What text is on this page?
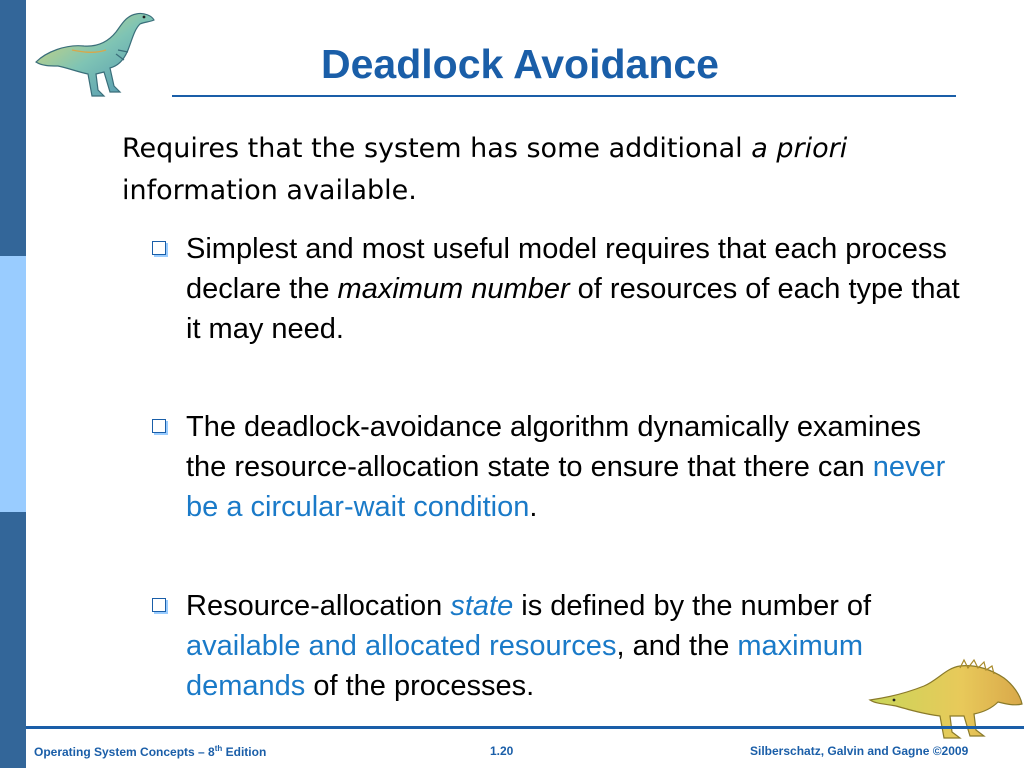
Deadlock Avoidance
Requires that the system has some additional a priori information available.
Simplest and most useful model requires that each process declare the maximum number of resources of each type that it may need.
The deadlock-avoidance algorithm dynamically examines the resource-allocation state to ensure that there can never be a circular-wait condition.
Resource-allocation state is defined by the number of available and allocated resources, and the maximum demands of the processes.
Operating System Concepts – 8th Edition	1.20	Silberschatz, Galvin and Gagne ©2009
